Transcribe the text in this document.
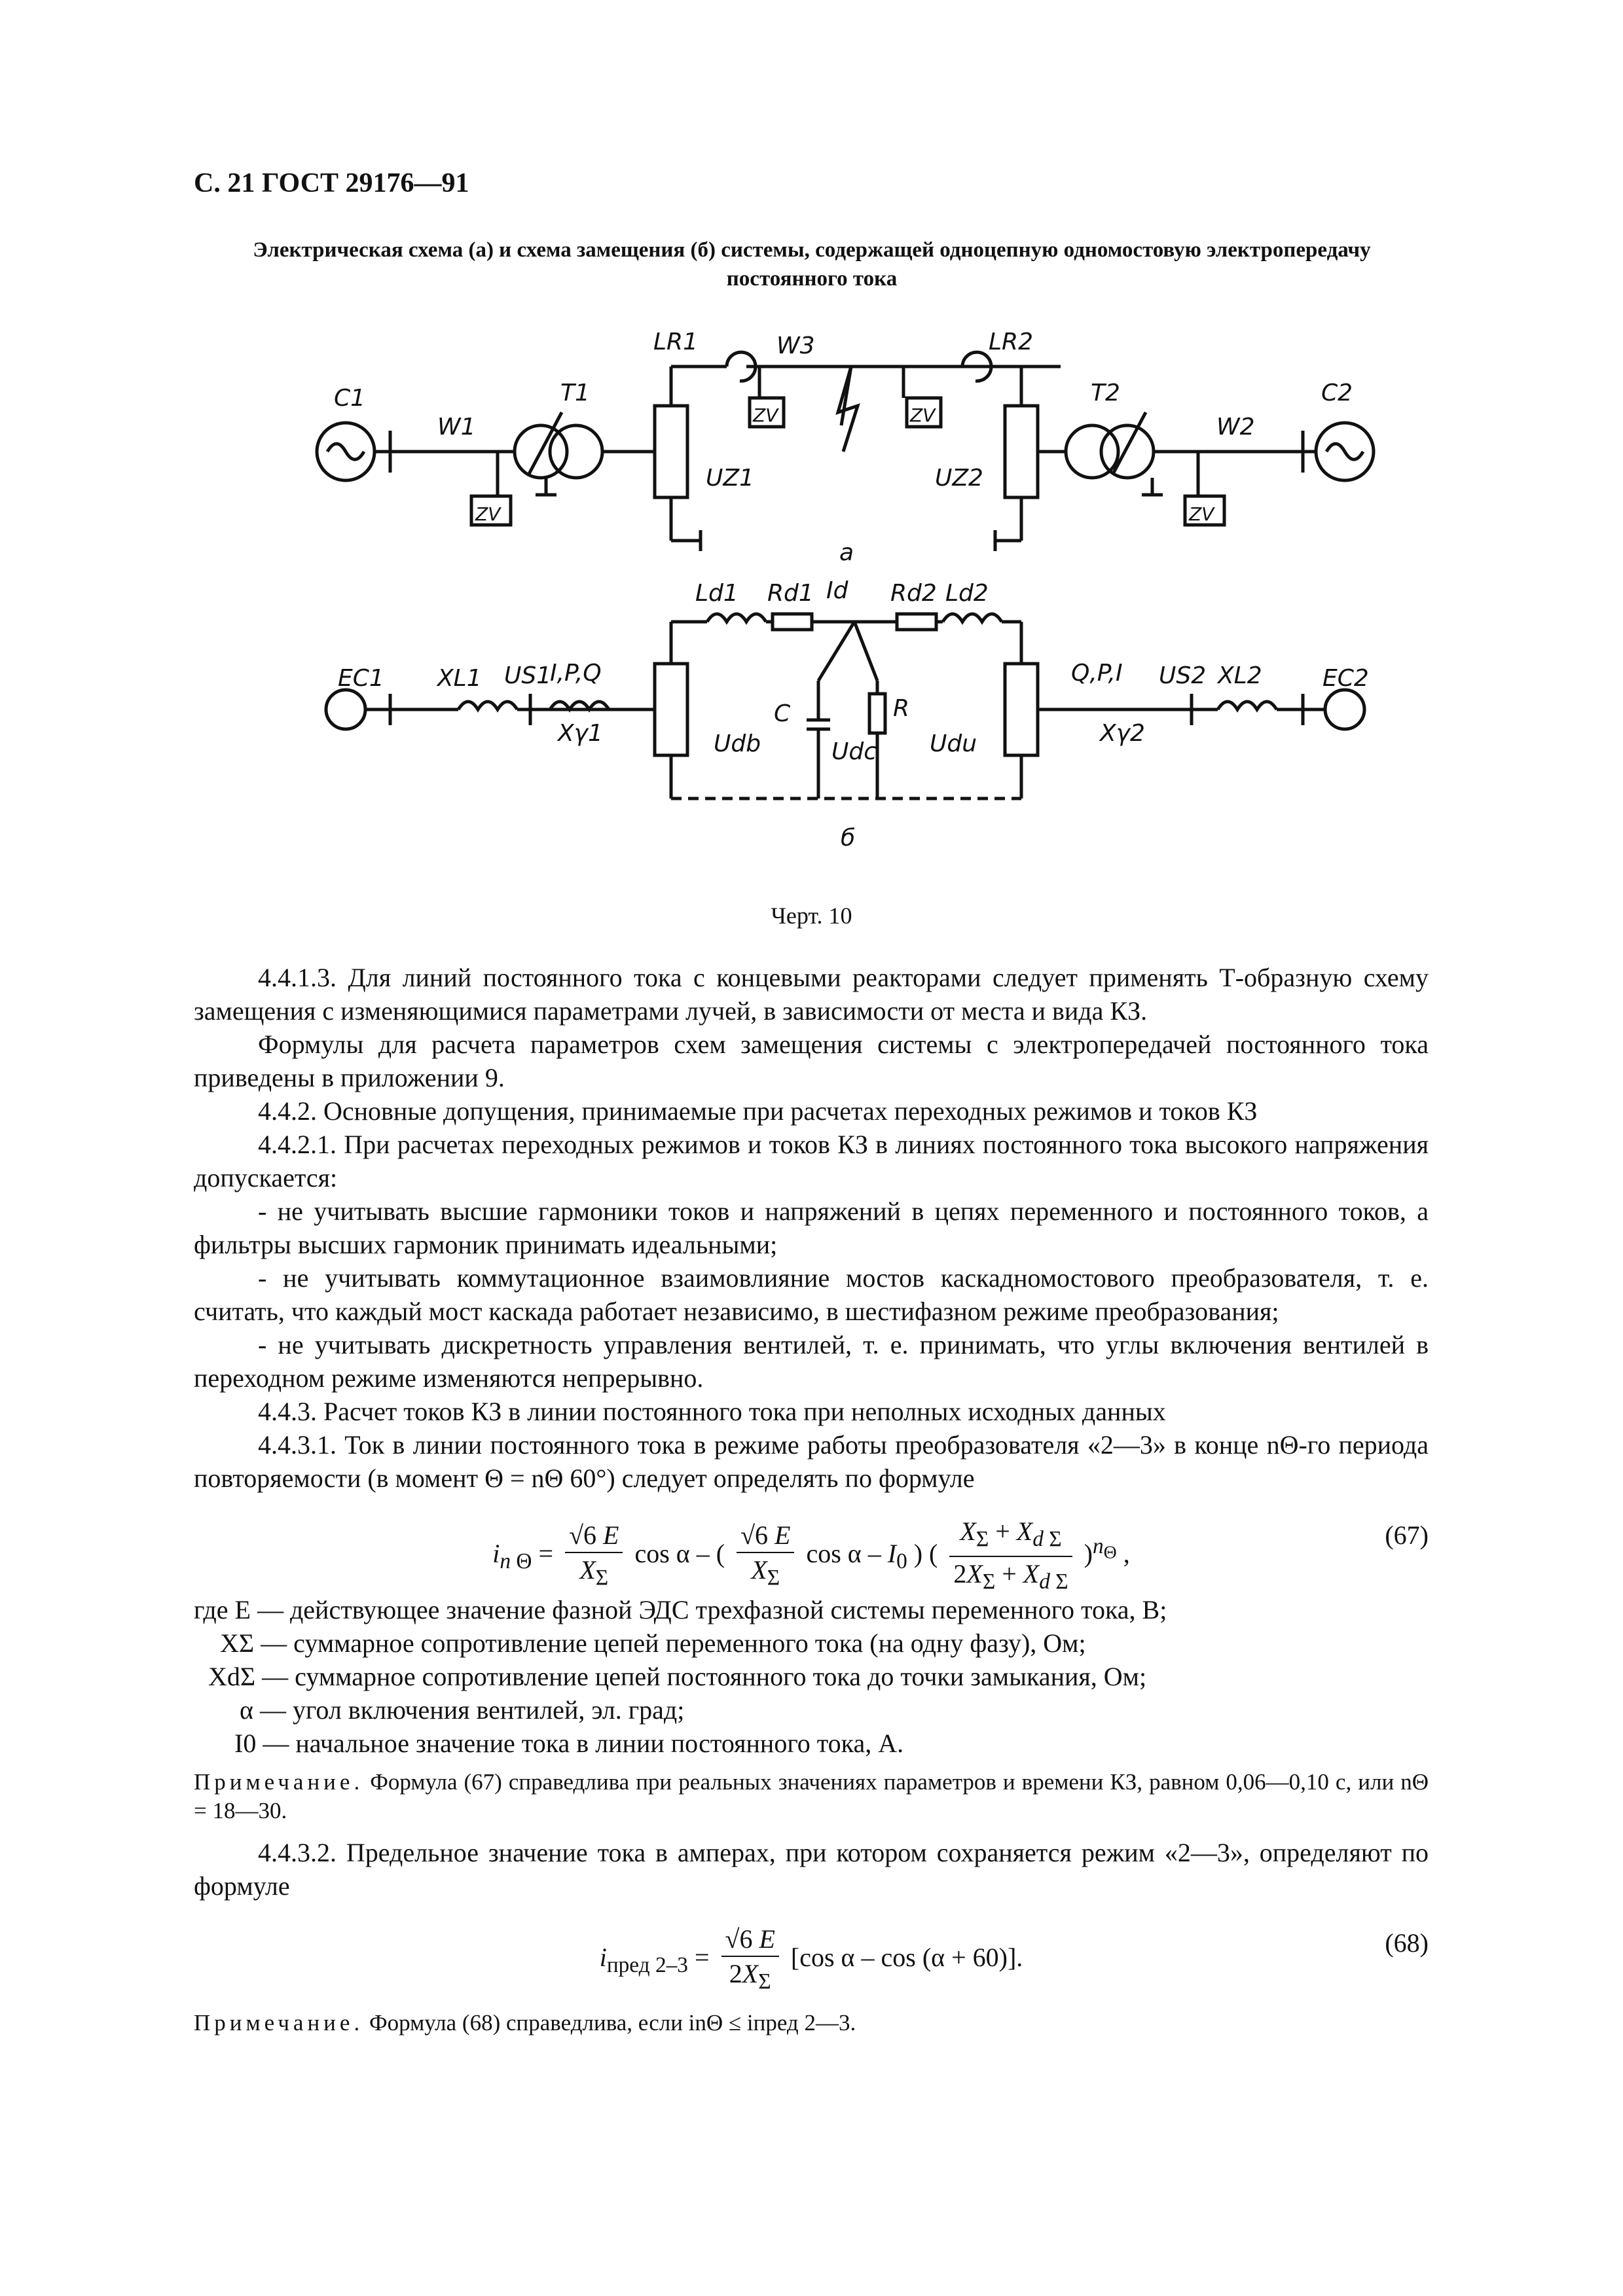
С. 21 ГОСТ 29176—91
Электрическая схема (а) и схема замещения (б) системы, содержащей одноцепную одномостовую электропередачу постоянного тока
C1
W1
T1
LR1	W3	LR2
T2
W2
C2
UZ1	UZ2
ZV
ZV	ZV
ZV
а
EC1 XL1 US1
I,P,Q
Xγ1
Ld1 Rd1 Id Rd2 Ld2
C	R
Udb	Udc Udu
Q,P,I US2 XL2	EC2
Xγ2
б
Черт. 10

4.4.1.3. Для линий постоянного тока с концевыми реакторами следует применять Т-образную схему замещения с изменяющимися параметрами лучей, в зависимости от места и вида КЗ.

Формулы для расчета параметров схем замещения системы с электропередачей постоянного тока приведены в приложении 9.

4.4.2. Основные допущения, принимаемые при расчетах переходных режимов и токов КЗ

4.4.2.1. При расчетах переходных режимов и токов КЗ в линиях постоянного тока высокого напряжения допускается:

- не учитывать высшие гармоники токов и напряжений в цепях переменного и постоянного токов, а фильтры высших гармоник принимать идеальными;

- не учитывать коммутационное взаимовлияние мостов каскадномостового преобразователя, т. е. считать, что каждый мост каскада работает независимо, в шестифазном режиме преобразования;

- не учитывать дискретность управления вентилей, т. е. принимать, что углы включения вентилей в переходном режиме изменяются непрерывно.

4.4.3. Расчет токов КЗ в линии постоянного тока при неполных исходных данных

4.4.3.1. Ток в линии постоянного тока в режиме работы преобразователя «2—3» в конце nΘ-го периода повторяемости (в момент Θ = nΘ 60°) следует определять по формуле

$i_{n \Theta} = \frac{√6 E}{X_\Sigma}$ cos α – ( $\frac{√6 E}{X_\Sigma}$ cos α – $I_0$ ) ( $\frac{X_\Sigma + X_{d \Sigma}}{2X_\Sigma + X_{d \Sigma}} )^{n_\Theta}$ ,
(67)

где E — действующее значение фазной ЭДС трехфазной системы переменного тока, В;

XΣ — суммарное сопротивление цепей переменного тока (на одну фазу), Ом;

XdΣ — суммарное сопротивление цепей постоянного тока до точки замыкания, Ом;

α — угол включения вентилей, эл. град;

I0 — начальное значение тока в линии постоянного тока, А.

Примечание. Формула (67) справедлива при реальных значениях параметров и времени КЗ, равном 0,06—0,10 с, или nΘ = 18—30.

4.4.3.2. Предельное значение тока в амперах, при котором сохраняется режим «2—3», определяют по формуле

$i_{пред 2-3} = \frac{√6 E}{2X_\Sigma} [\cos$ α – cos (α + 60)].	(68)

Примечание. Формула (68) справедлива, если inΘ ≤ iпред 2—3.
